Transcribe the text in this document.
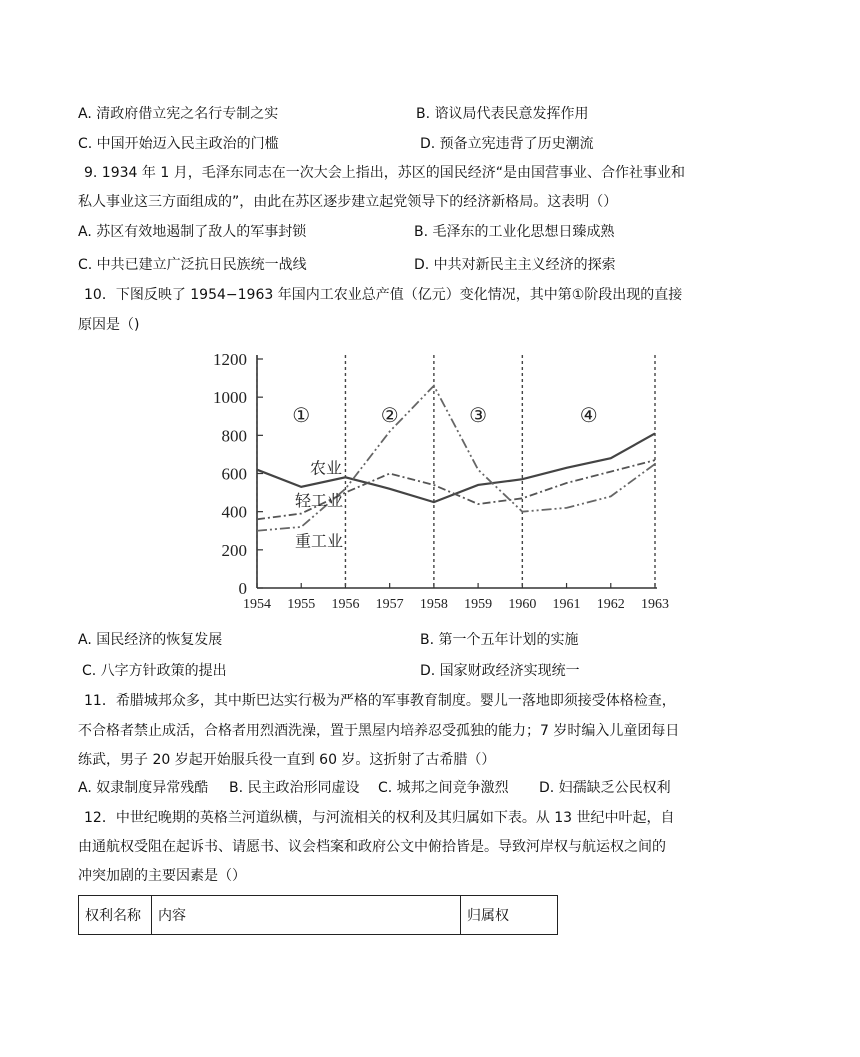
A. 清政府借立宪之名行专制之实	B. 谘议局代表民意发挥作用
C. 中国开始迈入民主政治的门槛	D. 预备立宪违背了历史潮流
9. 1934 年 1 月，毛泽东同志在一次大会上指出，苏区的国民经济“是由国营事业、合作社事业和
私人事业这三方面组成的”，由此在苏区逐步建立起党领导下的经济新格局。这表明（）
A. 苏区有效地遏制了敌人的军事封锁	B. 毛泽东的工业化思想日臻成熟
C. 中共已建立广泛抗日民族统一战线	D. 中共对新民主主义经济的探索
10．下图反映了 1954−1963 年国内工农业总产值（亿元）变化情况，其中第①阶段出现的直接
原因是（)
0
200
400
600
800
1000
1200
1954 1955 1956 1957 1958 1959 1960 1961 1962 1963
①	②	③	④
农业
轻工业
重工业
A. 国民经济的恢复发展	B. 第一个五年计划的实施
C. 八字方针政策的提出	D. 国家财政经济实现统一
11．希腊城邦众多，其中斯巴达实行极为严格的军事教育制度。婴儿一落地即须接受体格检查，
不合格者禁止成活，合格者用烈酒洗澡，置于黑屋内培养忍受孤独的能力；7 岁时编入儿童团每日
练武，男子 20 岁起开始服兵役一直到 60 岁。这折射了古希腊（）
A. 奴隶制度异常残酷 B. 民主政治形同虚设 C. 城邦之间竞争激烈 D. 妇孺缺乏公民权利
12．中世纪晚期的英格兰河道纵横，与河流相关的权利及其归属如下表。从 13 世纪中叶起，自
由通航权受阻在起诉书、请愿书、议会档案和政府公文中俯拾皆是。导致河岸权与航运权之间的
冲突加剧的主要因素是（）
权利名称	内容	归属权
